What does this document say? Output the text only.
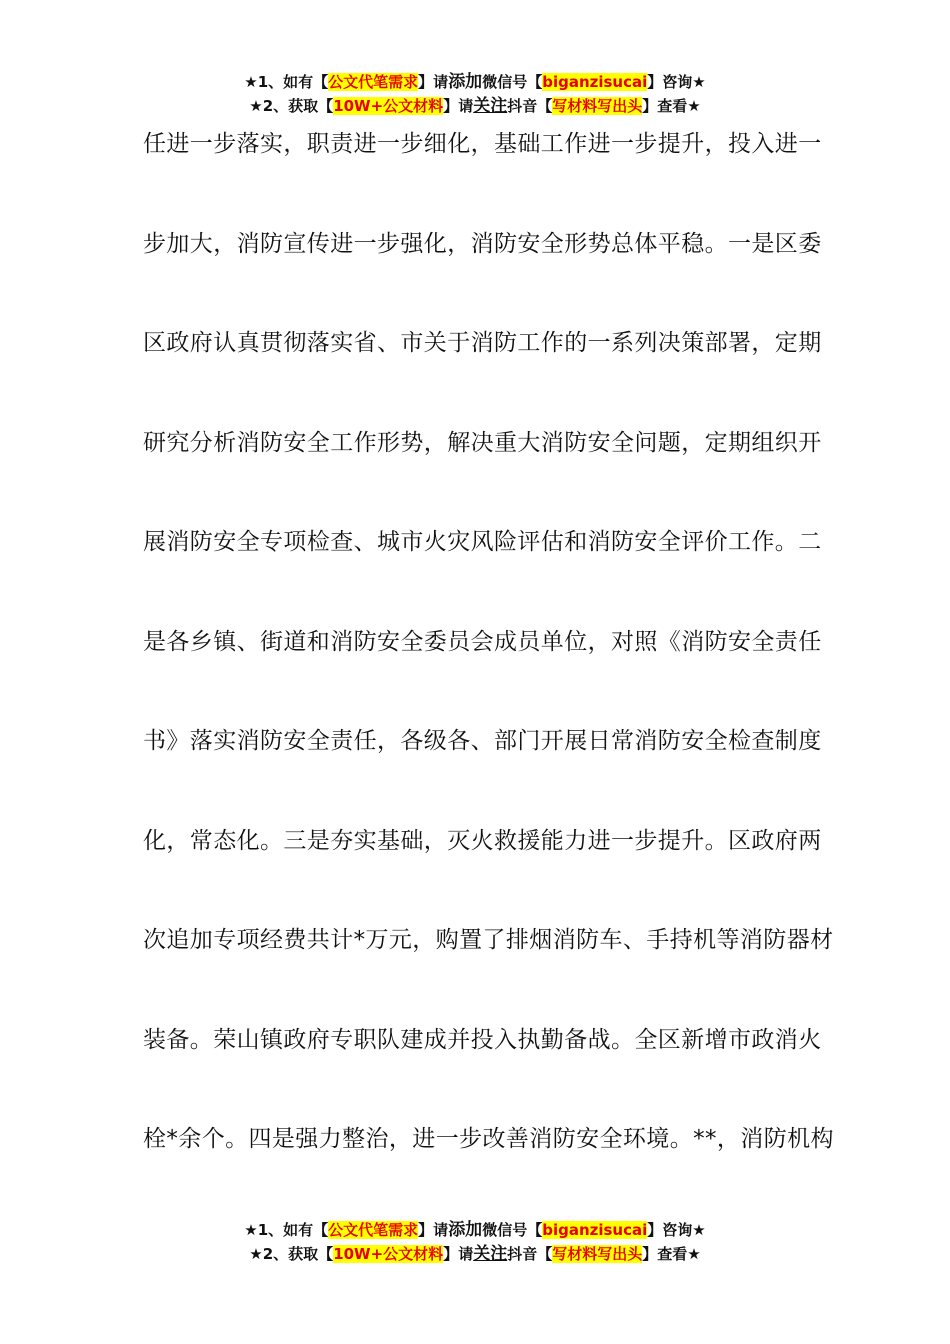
★1、如有【公文代笔需求】请添加微信号【biganzisucai】咨询★
★2、获取【10W+公文材料】请关注抖音【写材料写出头】查看★
任进一步落实，职责进一步细化，基础工作进一步提升，投入进一
步加大，消防宣传进一步强化，消防安全形势总体平稳。一是区委
区政府认真贯彻落实省、市关于消防工作的一系列决策部署，定期
研究分析消防安全工作形势，解决重大消防安全问题，定期组织开
展消防安全专项检查、城市火灾风险评估和消防安全评价工作。二
是各乡镇、街道和消防安全委员会成员单位，对照《消防安全责任
书》落实消防安全责任，各级各、部门开展日常消防安全检查制度
化，常态化。三是夯实基础，灭火救援能力进一步提升。区政府两
次追加专项经费共计*万元，购置了排烟消防车、手持机等消防器材
装备。荣山镇政府专职队建成并投入执勤备战。全区新增市政消火
栓*余个。四是强力整治，进一步改善消防安全环境。**，消防机构
★1、如有【公文代笔需求】请添加微信号【biganzisucai】咨询★
★2、获取【10W+公文材料】请关注抖音【写材料写出头】查看★
